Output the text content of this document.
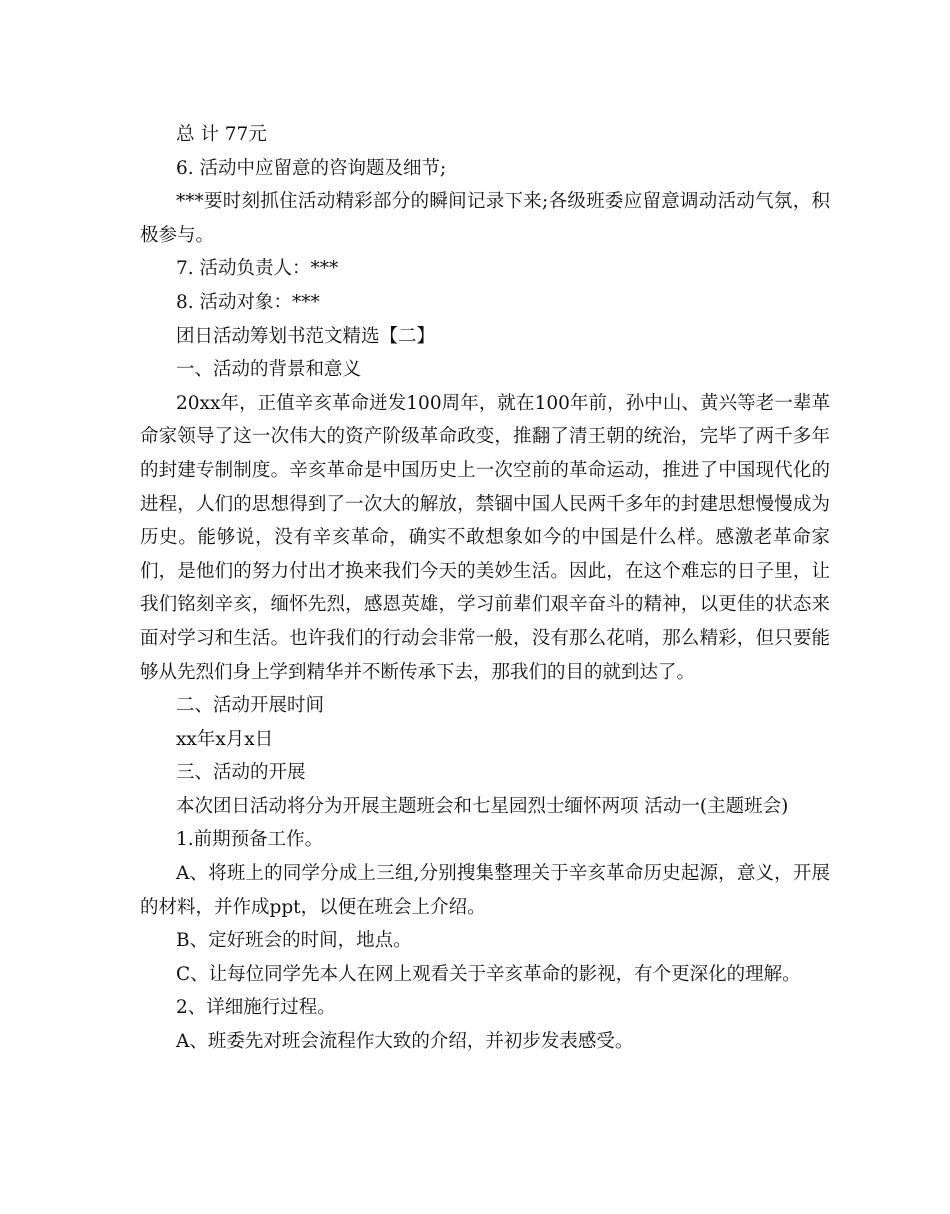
总 计 77元

6. 活动中应留意的咨询题及细节;

***要时刻抓住活动精彩部分的瞬间记录下来;各级班委应留意调动活动气氛，积极参与。

7. 活动负责人：***

8. 活动对象：***

团日活动筹划书范文精选【二】

一、活动的背景和意义

20xx年，正值辛亥革命迸发100周年，就在100年前，孙中山、黄兴等老一辈革命家领导了这一次伟大的资产阶级革命政变，推翻了清王朝的统治，完毕了两千多年的封建专制制度。辛亥革命是中国历史上一次空前的革命运动，推进了中国现代化的进程，人们的思想得到了一次大的解放，禁锢中国人民两千多年的封建思想慢慢成为历史。能够说，没有辛亥革命，确实不敢想象如今的中国是什么样。感激老革命家们，是他们的努力付出才换来我们今天的美妙生活。因此，在这个难忘的日子里，让我们铭刻辛亥，缅怀先烈，感恩英雄，学习前辈们艰辛奋斗的精神，以更佳的状态来面对学习和生活。也许我们的行动会非常一般，没有那么花哨，那么精彩，但只要能够从先烈们身上学到精华并不断传承下去，那我们的目的就到达了。

二、活动开展时间

xx年x月x日

三、活动的开展

本次团日活动将分为开展主题班会和七星园烈士缅怀两项 活动一(主题班会)

1.前期预备工作。

A、将班上的同学分成上三组,分别搜集整理关于辛亥革命历史起源，意义，开展的材料，并作成ppt，以便在班会上介绍。

B、定好班会的时间，地点。

C、让每位同学先本人在网上观看关于辛亥革命的影视，有个更深化的理解。

2、详细施行过程。

A、班委先对班会流程作大致的介绍，并初步发表感受。
